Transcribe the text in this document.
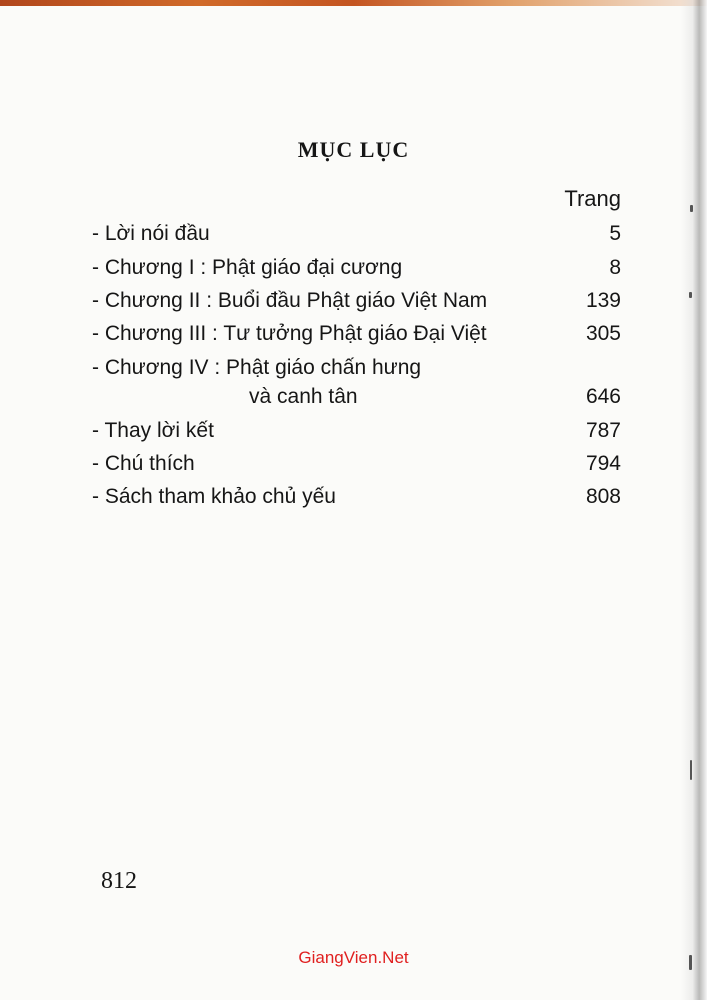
MỤC LỤC
Trang
- Lời nói đầu	5
- Chương I : Phật giáo đại cương	8
- Chương II : Buổi đầu Phật giáo Việt Nam	139
- Chương III : Tư tưởng Phật giáo Đại Việt	305
- Chương IV : Phật giáo chấn hưng
và canh tân	646
- Thay lời kết	787
- Chú thích	794
- Sách tham khảo chủ yếu	808
812
GiangVien.Net
